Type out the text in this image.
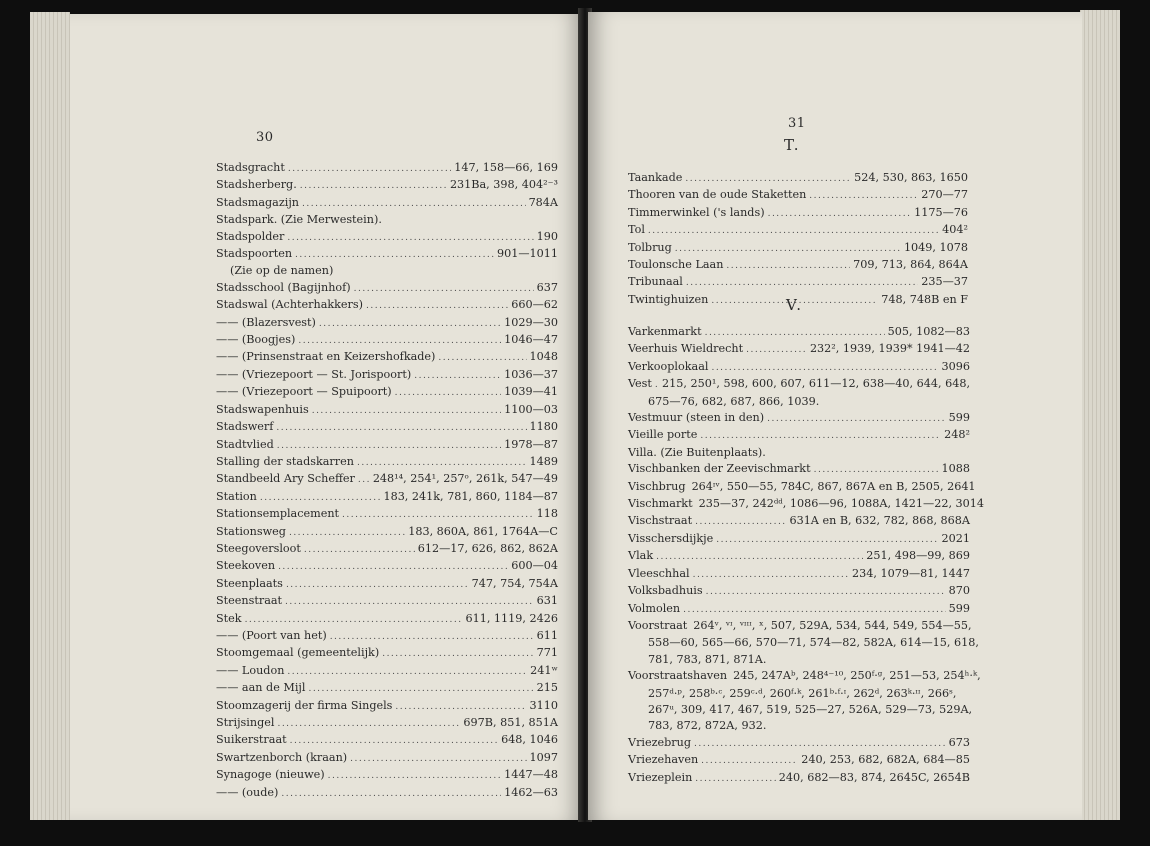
30
Stadsgracht .....	147, 158—66, 169
Stadsherberg. .....	231Ba, 398, 404²⁻³
Stadsmagazijn .....	784A
Stadspark. (Zie Merwestein).
Stadspolder .....	190
Stadspoorten .....	901—1011
(Zie op de namen)
Stadsschool (Bagijnhof) .....	637
Stadswal (Achterhakkers) .....	660—62
—— (Blazersvest) .....	1029—30
—— (Boogjes) .....	1046—47
—— (Prinsenstraat en Keizershofkade) .....	1048
—— (Vriezepoort — St. Jorispoort) .....	1036—37
—— (Vriezepoort — Spuipoort) .....	1039—41
Stadswapenhuis .....	1100—03
Stadswerf .....	1180
Stadtvlied .....	1978—87
Stalling der stadskarren .....	1489
Standbeeld Ary Scheffer ..... 248¹⁴, 254¹, 257ᵒ, 261k, 547—49
Station .....	183, 241k, 781, 860, 1184—87
Stationsemplacement .....	118
Stationsweg .....	183, 860A, 861, 1764A—C
Steegoversloot .....	612—17, 626, 862, 862A
Steekoven .....	600—04
Steenplaats .....	747, 754, 754A
Steenstraat .....	631
Stek .....	611, 1119, 2426
—— (Poort van het) .....	611
Stoomgemaal (gemeentelijk) .....	771
—— Loudon .....	241ʷ
—— aan de Mijl .....	215
Stoomzagerij der firma Singels .....	3110
Strijsingel .....	697B, 851, 851A
Suikerstraat .....	648, 1046
Swartzenborch (kraan) .....	1097
Synagoge (nieuwe) .....	1447—48
—— (oude) .....	1462—63
31
T.
Taankade .....	524, 530, 863, 1650
Thooren van de oude Staketten .....	270—77
Timmerwinkel ('s lands) .....	1175—76
Tol .....	404²
Tolbrug .....	1049, 1078
Toulonsche Laan .....	709, 713, 864, 864A
Tribunaal .....	235—37
Twintighuizen .....	748, 748B en F
V.
Varkenmarkt .....	505, 1082—83
Veerhuis Wieldrecht .....	232², 1939, 1939* 1941—42
Verkooplokaal .....	3096
Vest ..... 215, 250¹, 598, 600, 607, 611—12, 638—40, 644, 648,
675—76, 682, 687, 866, 1039.
Vestmuur (steen in den) .....	599
Vieille porte .....	248²
Villa. (Zie Buitenplaats).
Vischbanken der Zeevischmarkt .....	1088
Vischbrug 264ᶦᵛ, 550—55, 784C, 867, 867A en B, 2505, 2641
Vischmarkt 235—37, 242ᵈᵈ, 1086—96, 1088A, 1421—22, 3014
Vischstraat .....	631A en B, 632, 782, 868, 868A
Visschersdijkje .....	2021
Vlak .....	251, 498—99, 869
Vleeschhal .....	234, 1079—81, 1447
Volksbadhuis .....	870
Volmolen .....	599
Voorstraat 264ᵛ, ᵛᶦ, ᵛᶦᶦᶦ, ˣ, 507, 529A, 534, 544, 549, 554—55,
558—60, 565—66, 570—71, 574—82, 582A, 614—15, 618,
781, 783, 871, 871A.
Voorstraatshaven 245, 247Aᵇ, 248⁴⁻¹⁰, 250ᶠ·ᵍ, 251—53, 254ʰ·ᵏ,
257ᵈ·ᵖ, 258ᵇ·ᶜ, 259ᶜ·ᵈ, 260ᶠ·ᵏ, 261ᵇ·ᶠ·ᶦ, 262ᵈ, 263ᵏ·ᶦᶦ, 266ˢ,
267ᵘ, 309, 417, 467, 519, 525—27, 526A, 529—73, 529A,
783, 872, 872A, 932.
Vriezebrug .....	673
Vriezehaven .....	240, 253, 682, 682A, 684—85
Vriezeplein .....	240, 682—83, 874, 2645C, 2654B
